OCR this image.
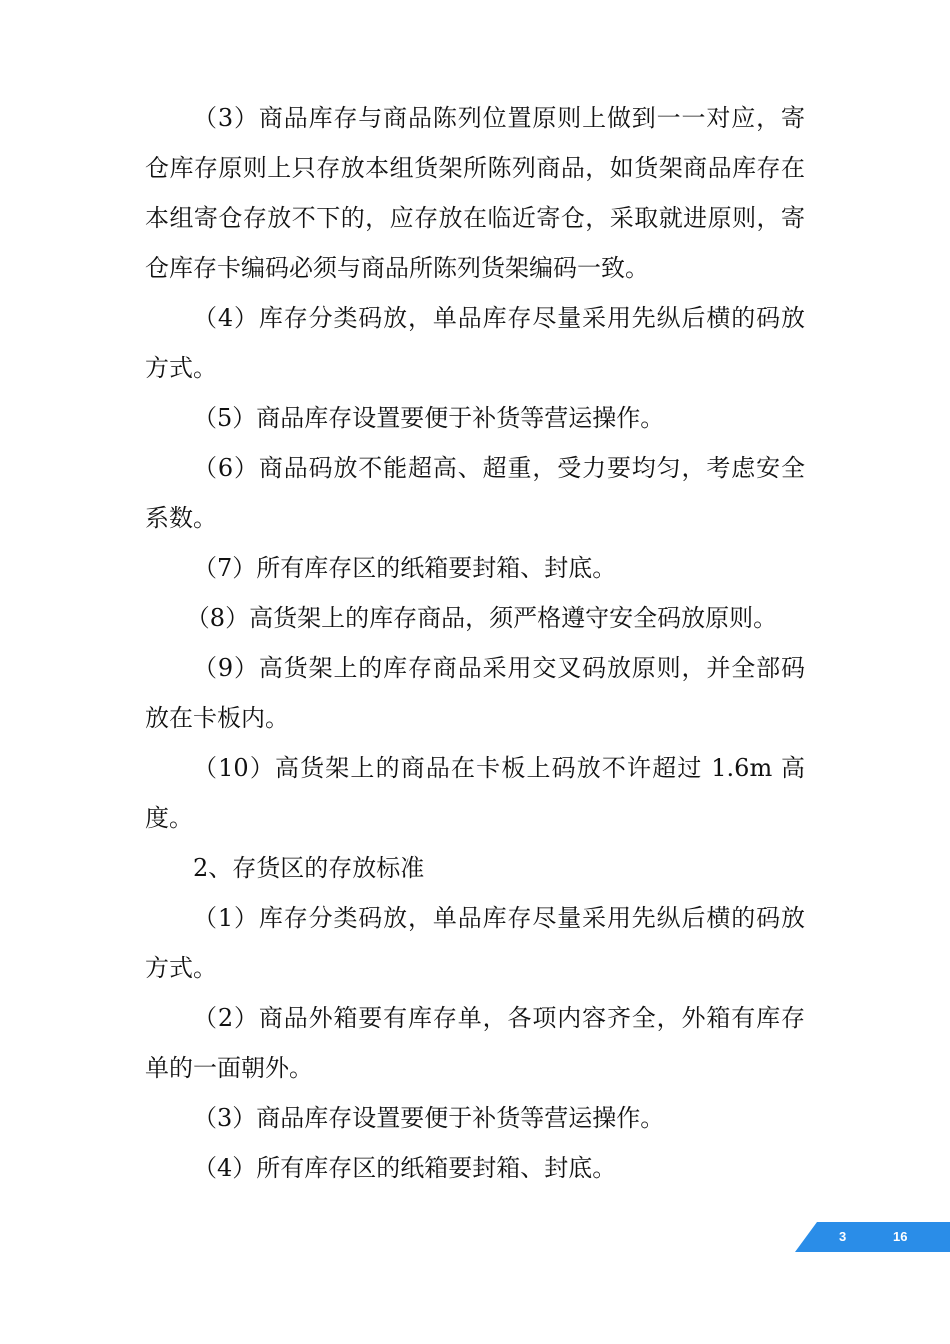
（3）商品库存与商品陈列位置原则上做到一一对应，寄仓库存原则上只存放本组货架所陈列商品，如货架商品库存在本组寄仓存放不下的，应存放在临近寄仓，采取就进原则，寄仓库存卡编码必须与商品所陈列货架编码一致。

（4）库存分类码放，单品库存尽量采用先纵后横的码放方式。

（5）商品库存设置要便于补货等营运操作。

（6）商品码放不能超高、超重，受力要均匀，考虑安全系数。

（7）所有库存区的纸箱要封箱、封底。

（8）高货架上的库存商品，须严格遵守安全码放原则。

（9）高货架上的库存商品采用交叉码放原则，并全部码放在卡板内。

（10）高货架上的商品在卡板上码放不许超过 1.6m 高度。

2、存货区的存放标准

（1）库存分类码放，单品库存尽量采用先纵后横的码放方式。

（2）商品外箱要有库存单，各项内容齐全，外箱有库存单的一面朝外。

（3）商品库存设置要便于补货等营运操作。

（4）所有库存区的纸箱要封箱、封底。

3	16
